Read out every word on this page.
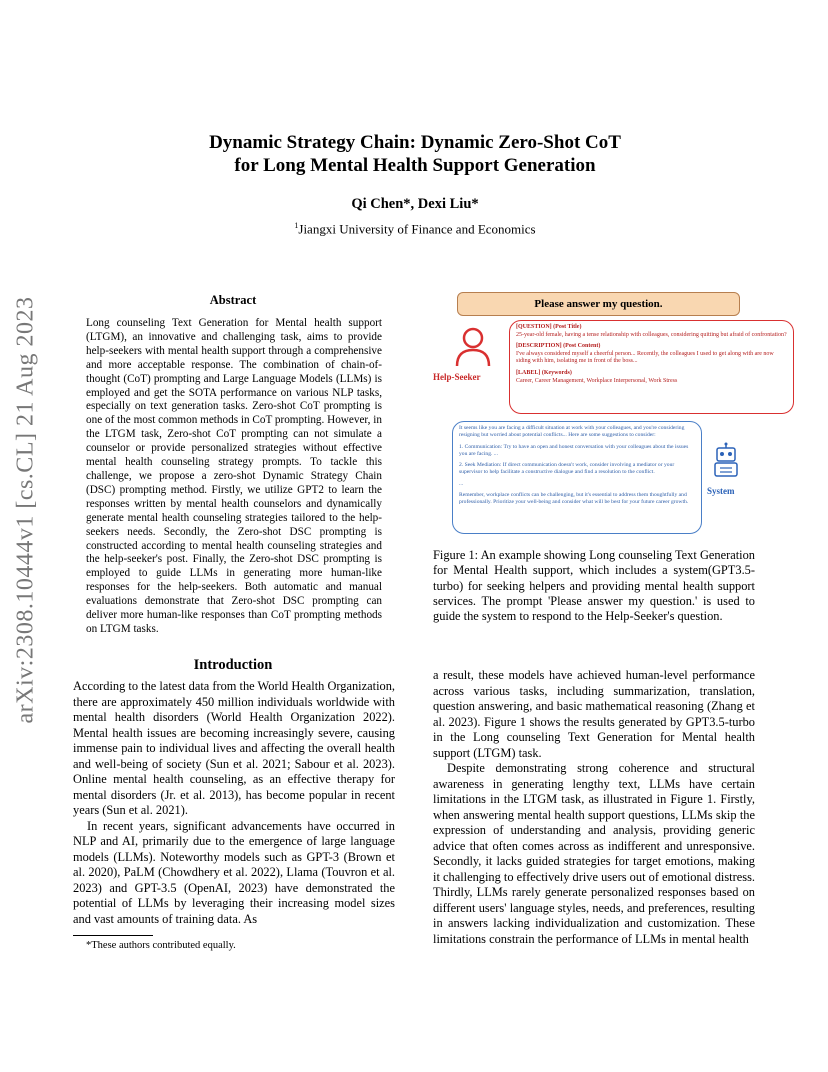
arXiv:2308.10444v1 [cs.CL] 21 Aug 2023
Dynamic Strategy Chain: Dynamic Zero-Shot CoT
for Long Mental Health Support Generation
Qi Chen*, Dexi Liu*
$^1$Jiangxi University of Finance and Economics
Abstract
Long counseling Text Generation for Mental health support (LTGM), an innovative and challenging task, aims to provide help-seekers with mental health support through a comprehensive and more acceptable response. The combination of chain-of-thought (CoT) prompting and Large Language Models (LLMs) is employed and get the SOTA performance on various NLP tasks, especially on text generation tasks. Zero-shot CoT prompting is one of the most common methods in CoT prompting. However, in the LTGM task, Zero-shot CoT prompting can not simulate a counselor or provide personalized strategies without effective mental health counseling strategy prompts. To tackle this challenge, we propose a zero-shot Dynamic Strategy Chain (DSC) prompting method. Firstly, we utilize GPT2 to learn the responses written by mental health counselors and dynamically generate mental health counseling strategies tailored to the help-seekers needs. Secondly, the Zero-shot DSC prompting is constructed according to mental health counseling strategies and the help-seeker's post. Finally, the Zero-shot DSC prompting is employed to guide LLMs in generating more human-like responses for the help-seekers. Both automatic and manual evaluations demonstrate that Zero-shot DSC prompting can deliver more human-like responses than CoT prompting methods on LTGM tasks.
Introduction

According to the latest data from the World Health Organization, there are approximately 450 million individuals worldwide with mental health disorders (World Health Organization 2022). Mental health issues are becoming increasingly severe, causing immense pain to individual lives and affecting the overall health and well-being of society (Sun et al. 2021; Sabour et al. 2023). Online mental health counseling, as an effective therapy for mental disorders (Jr. et al. 2013), has become popular in recent years (Sun et al. 2021).

In recent years, significant advancements have occurred in NLP and AI, primarily due to the emergence of large language models (LLMs). Noteworthy models such as GPT-3 (Brown et al. 2020), PaLM (Chowdhery et al. 2022), Llama (Touvron et al. 2023) and GPT-3.5 (OpenAI, 2023) have demonstrated the potential of LLMs by leveraging their increasing model sizes and vast amounts of training data. As

*These authors contributed equally.
Please answer my question.
Help-Seeker
[QUESTION] (Post Title)
25-year-old female, having a tense relationship with colleagues, considering quitting but afraid of confrontation?
[DESCRIPTION] (Post Content)
I've always considered myself a cheerful person... Recently, the colleagues I used to get along with are now siding with him, isolating me in front of the boss...
[LABEL] (Keywords)
Career, Career Management, Workplace Interpersonal, Work Stress
It seems like you are facing a difficult situation at work with your colleagues, and you're considering resigning but worried about potential conflicts... Here are some suggestions to consider:
1. Communication: Try to have an open and honest conversation with your colleagues about the issues you are facing. ...
2. Seek Mediation: If direct communication doesn't work, consider involving a mediator or your supervisor to help facilitate a constructive dialogue and find a resolution to the conflict.
...
Remember, workplace conflicts can be challenging, but it's essential to address them thoughtfully and professionally. Prioritize your well-being and consider what will be best for your future career growth.
System
Figure 1: An example showing Long counseling Text Generation for Mental Health support, which includes a system(GPT3.5-turbo) for seeking helpers and providing mental health support services. The prompt 'Please answer my question.' is used to guide the system to respond to the Help-Seeker's question.

a result, these models have achieved human-level performance across various tasks, including summarization, translation, question answering, and basic mathematical reasoning (Zhang et al. 2023). Figure 1 shows the results generated by GPT3.5-turbo in the Long counseling Text Generation for Mental health support (LTGM) task.

Despite demonstrating strong coherence and structural awareness in generating lengthy text, LLMs have certain limitations in the LTGM task, as illustrated in Figure 1. Firstly, when answering mental health support questions, LLMs skip the expression of understanding and analysis, providing generic advice that often comes across as indifferent and unresponsive. Secondly, it lacks guided strategies for target emotions, making it challenging to effectively drive users out of emotional distress. Thirdly, LLMs rarely generate personalized responses based on different users' language styles, needs, and preferences, resulting in answers lacking individualization and customization. These limitations constrain the performance of LLMs in mental health
